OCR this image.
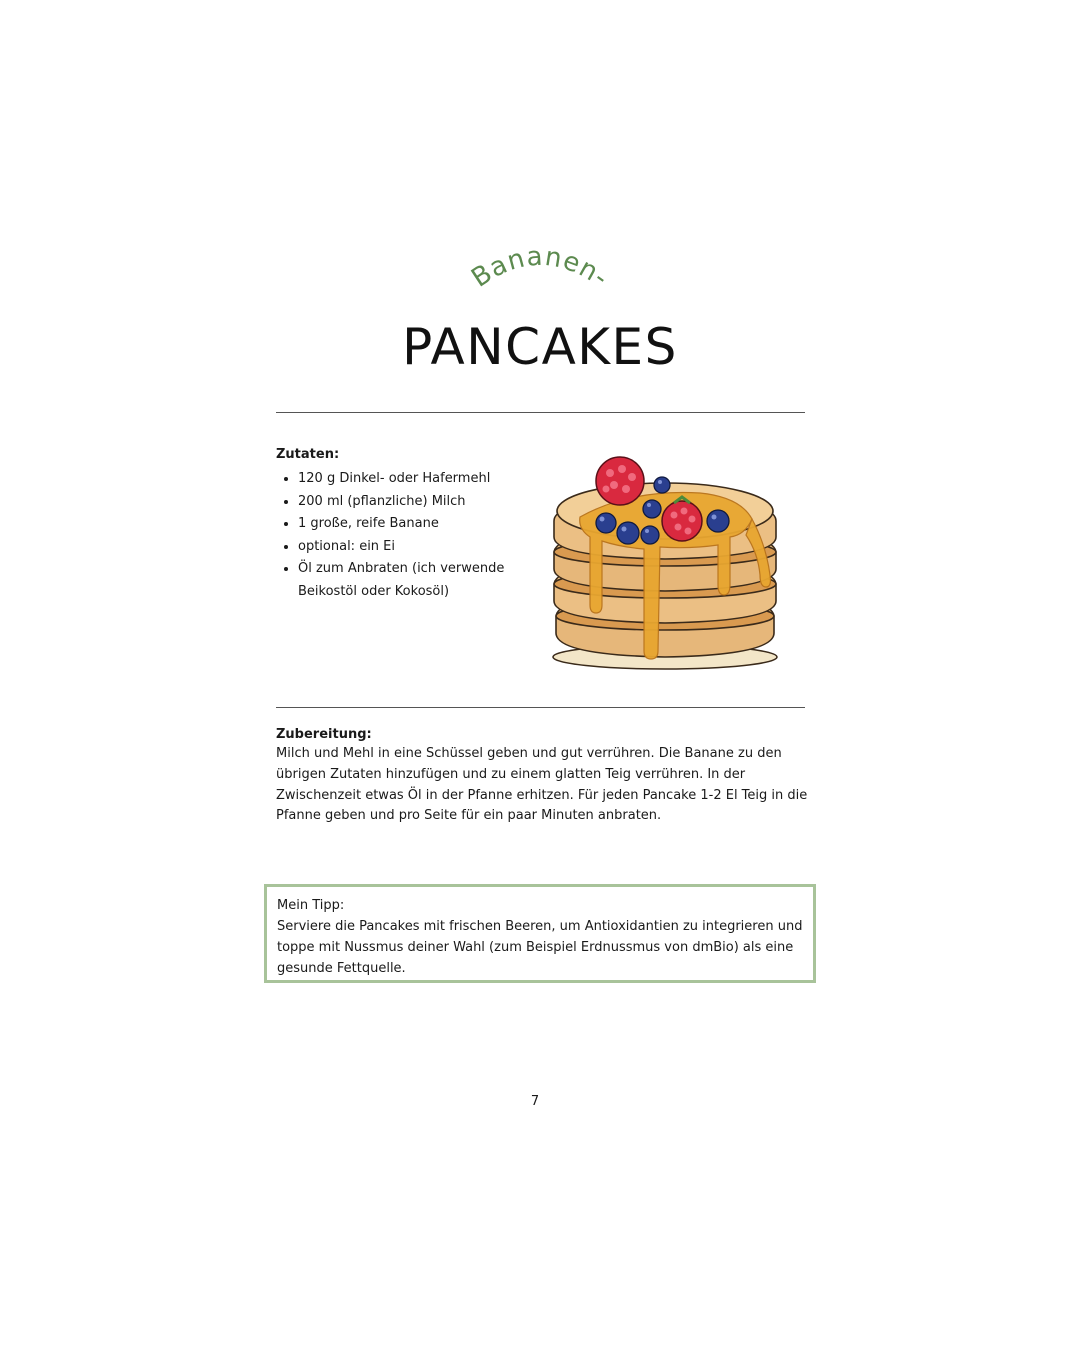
Bananen-
PANCAKES
Zutaten:
• 120 g Dinkel- oder Hafermehl
• 200 ml (pflanzliche) Milch
• 1 große, reife Banane
• optional: ein Ei
• Öl zum Anbraten (ich verwende Beikostöl oder Kokosöl)
Zubereitung:

Milch und Mehl in eine Schüssel geben und gut verrühren. Die Banane zu den übrigen Zutaten hinzufügen und zu einem glatten Teig verrühren. In der Zwischenzeit etwas Öl in der Pfanne erhitzen. Für jeden Pancake 1-2 El Teig in die Pfanne geben und pro Seite für ein paar Minuten anbraten.

Mein Tipp:

Serviere die Pancakes mit frischen Beeren, um Antioxidantien zu integrieren und toppe mit Nussmus deiner Wahl (zum Beispiel Erdnussmus von dmBio) als eine gesunde Fettquelle.

7
